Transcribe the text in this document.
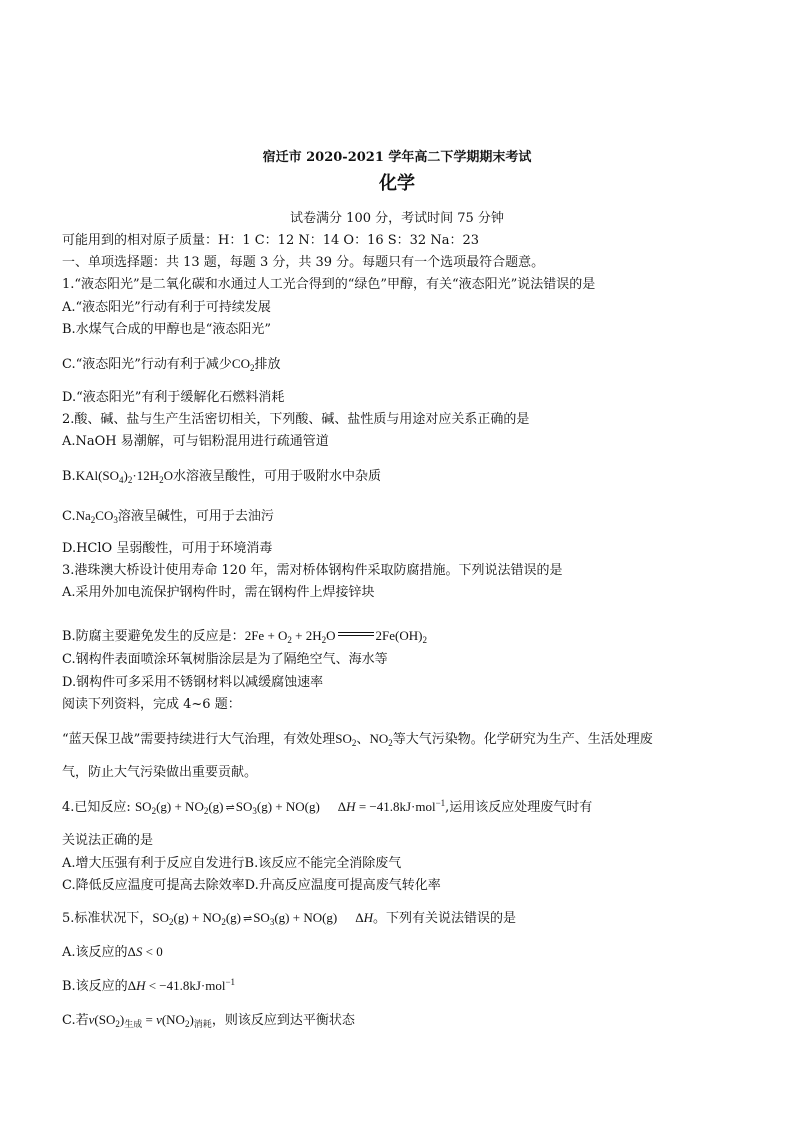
宿迁市 2020-2021 学年高二下学期期末考试
化学
试卷满分 100 分，考试时间 75 分钟
可能用到的相对原子质量：H：1 C：12 N：14 O：16 S：32 Na：23
一、单项选择题：共 13 题，每题 3 分，共 39 分。每题只有一个选项最符合题意。
1.“液态阳光”是二氧化碳和水通过人工光合得到的“绿色”甲醇，有关“液态阳光”说法错误的是
A.“液态阳光”行动有利于可持续发展
B.水煤气合成的甲醇也是“液态阳光”
C.“液态阳光”行动有利于减少$CO_2$排放
D.“液态阳光”有利于缓解化石燃料消耗
2.酸、碱、盐与生产生活密切相关，下列酸、碱、盐性质与用途对应关系正确的是
A.NaOH 易潮解，可与铝粉混用进行疏通管道
$B.KAl(SO_4)_2\cdot 12H_2O$水溶液呈酸性，可用于吸附水中杂质
$C.Na_2CO_3$溶液呈碱性，可用于去油污
D.HClO 呈弱酸性，可用于环境消毒
3.港珠澳大桥设计使用寿命 120 年，需对桥体钢构件采取防腐措施。下列说法错误的是
A.采用外加电流保护钢构件时，需在钢构件上焊接锌块
B.防腐主要避免发生的反应是：$2Fe + O_2 + 2H_2O$	$2Fe(OH)_2$
C.钢构件表面喷涂环氧树脂涂层是为了隔绝空气、海水等
D.钢构件可多采用不锈钢材料以减缓腐蚀速率
阅读下列资料，完成 4~6 题：
“蓝天保卫战”需要持续进行大气治理，有效处理$SO_2$、$NO_2$等大气污染物。化学研究为生产、生活处理废
气，防止大气污染做出重要贡献。
4.已知反应: $SO_2(g) + NO_2(g)$ ⇌ $SO_3(g) + NO(g) \Delta H = -41.8kJ\cdot mol^{-1}$,运用该反应处理废气时有
关说法正确的是
A.增大压强有利于反应自发进行B.该反应不能完全消除废气
C.降低反应温度可提高去除效率D.升高反应温度可提高废气转化率
5.标准状况下，$SO_2(g) + NO_2(g)$ ⇌ $SO_3(g) + NO(g)$ ΔH。下列有关说法错误的是
A.该反应的ΔS < 0
B.该反应的ΔH < −41.8kJ·mol$^{-1}$
C.若$v(SO_2)_{生成} = v(NO_2)_{消耗}$，则该反应到达平衡状态
